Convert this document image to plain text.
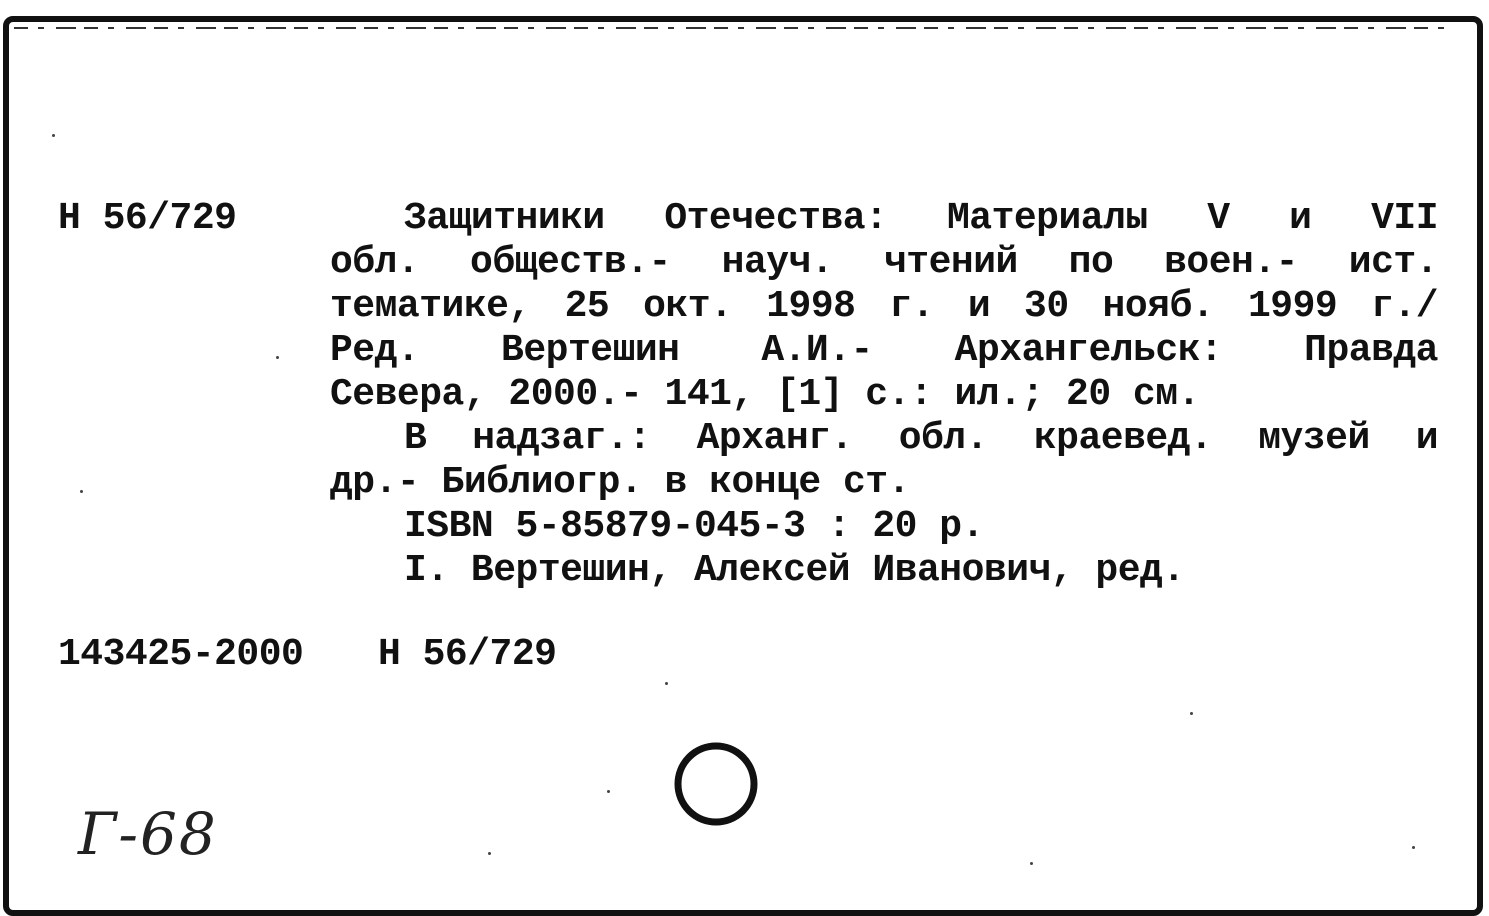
Н 56/729	Защитники Отечества: Материалы V и VII
обл. обществ.- науч. чтений по воен.- ист.
тематике, 25 окт. 1998 г. и 30 нояб. 1999 г./
Ред. Вертешин А.И.- Архангельск: Правда
Севера, 2000.- 141, [1] с.: ил.; 20 см.
В надзаг.: Арханг. обл. краевед. музей и
др.- Библиогр. в конце ст.
ISBN 5-85879-045-3 : 20 р.
I. Вертешин, Алексей Иванович, ред.
143425-2000 Н 56/729
Г-68
